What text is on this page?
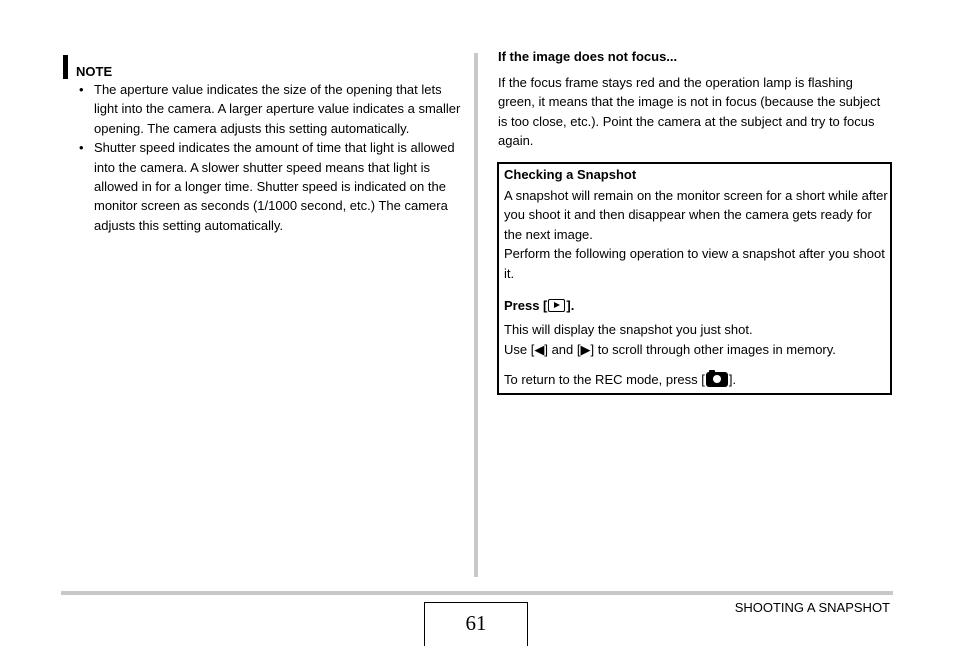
NOTE

• The aperture value indicates the size of the opening that lets light into the camera. A larger aperture value indicates a smaller opening. The camera adjusts this setting automatically.
• Shutter speed indicates the amount of time that light is allowed into the camera. A slower shutter speed means that light is allowed in for a longer time. Shutter speed is indicated on the monitor screen as seconds (1/1000 second, etc.) The camera adjusts this setting automatically.

If the image does not focus...

If the focus frame stays red and the operation lamp is flashing green, it means that the image is not in focus (because the subject is too close, etc.). Point the camera at the subject and try to focus again.

Checking a Snapshot

A snapshot will remain on the monitor screen for a short while after you shoot it and then disappear when the camera gets ready for the next image.
Perform the following operation to view a snapshot after you shoot it.

Press [ ].

This will display the snapshot you just shot.

Use [◀] and [▶] to scroll through other images in memory.

To return to the REC mode, press [ ].

61

SHOOTING A SNAPSHOT
